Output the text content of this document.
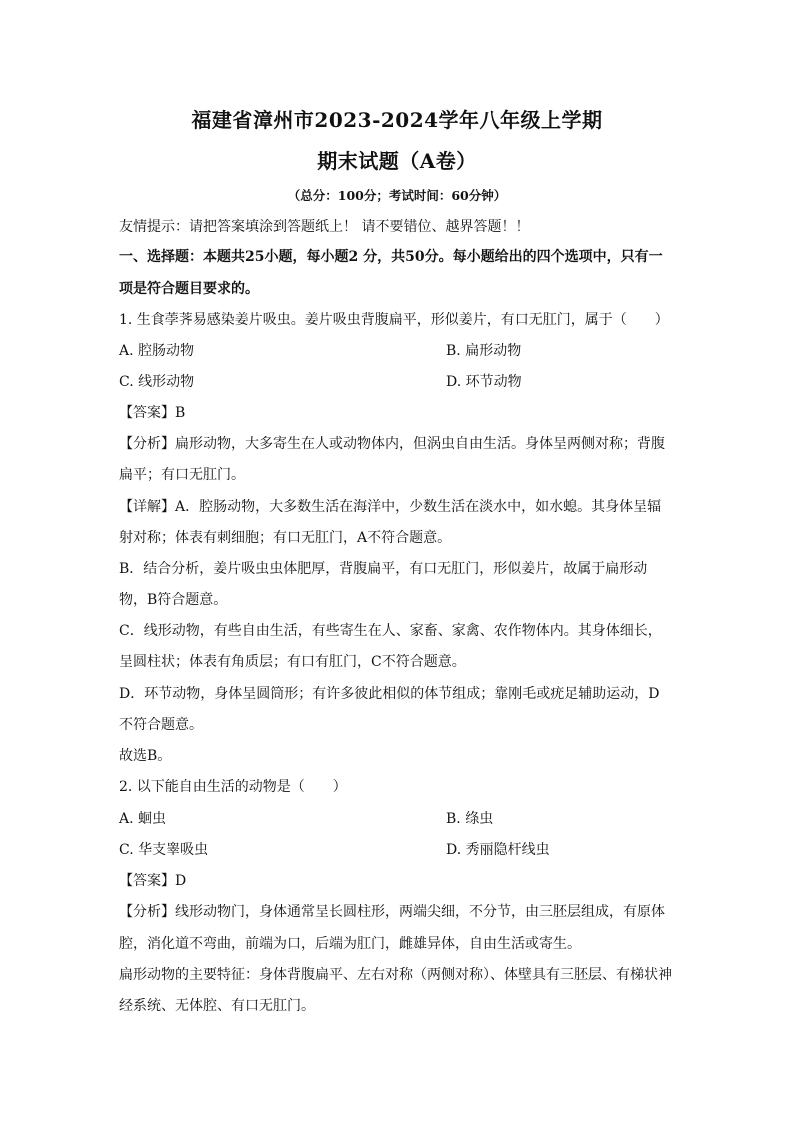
福建省漳州市2023-2024学年八年级上学期
期末试题（A卷）
（总分：100分；考试时间：60分钟）
友情提示：请把答案填涂到答题纸上！ 请不要错位、越界答题！！
一、选择题：本题共25小题，每小题2 分，共50分。每小题给出的四个选项中，只有一
项是符合题目要求的。
1. 生食荸荠易感染姜片吸虫。姜片吸虫背腹扁平，形似姜片，有口无肛门，属于（　　）
A. 腔肠动物	B. 扁形动物
C. 线形动物	D. 环节动物
【答案】B
【分析】扁形动物，大多寄生在人或动物体内，但涡虫自由生活。身体呈两侧对称；背腹
扁平；有口无肛门。
【详解】A．腔肠动物，大多数生活在海洋中，少数生活在淡水中，如水螅。其身体呈辐
射对称；体表有刺细胞；有口无肛门，A不符合题意。
B．结合分析，姜片吸虫虫体肥厚，背腹扁平，有口无肛门，形似姜片，故属于扁形动
物，B符合题意。
C．线形动物，有些自由生活，有些寄生在人、家畜、家禽、农作物体内。其身体细长，
呈圆柱状；体表有角质层；有口有肛门，C不符合题意。
D．环节动物，身体呈圆筒形；有许多彼此相似的体节组成；靠刚毛或疣足辅助运动，D
不符合题意。
故选B。
2. 以下能自由生活的动物是（　　）
A. 蛔虫	B. 绦虫
C. 华支睾吸虫	D. 秀丽隐杆线虫
【答案】D
【分析】线形动物门，身体通常呈长圆柱形，两端尖细，不分节，由三胚层组成，有原体
腔，消化道不弯曲，前端为口，后端为肛门，雌雄异体，自由生活或寄生。
扁形动物的主要特征：身体背腹扁平、左右对称（两侧对称）、体壁具有三胚层、有梯状神
经系统、无体腔、有口无肛门。
